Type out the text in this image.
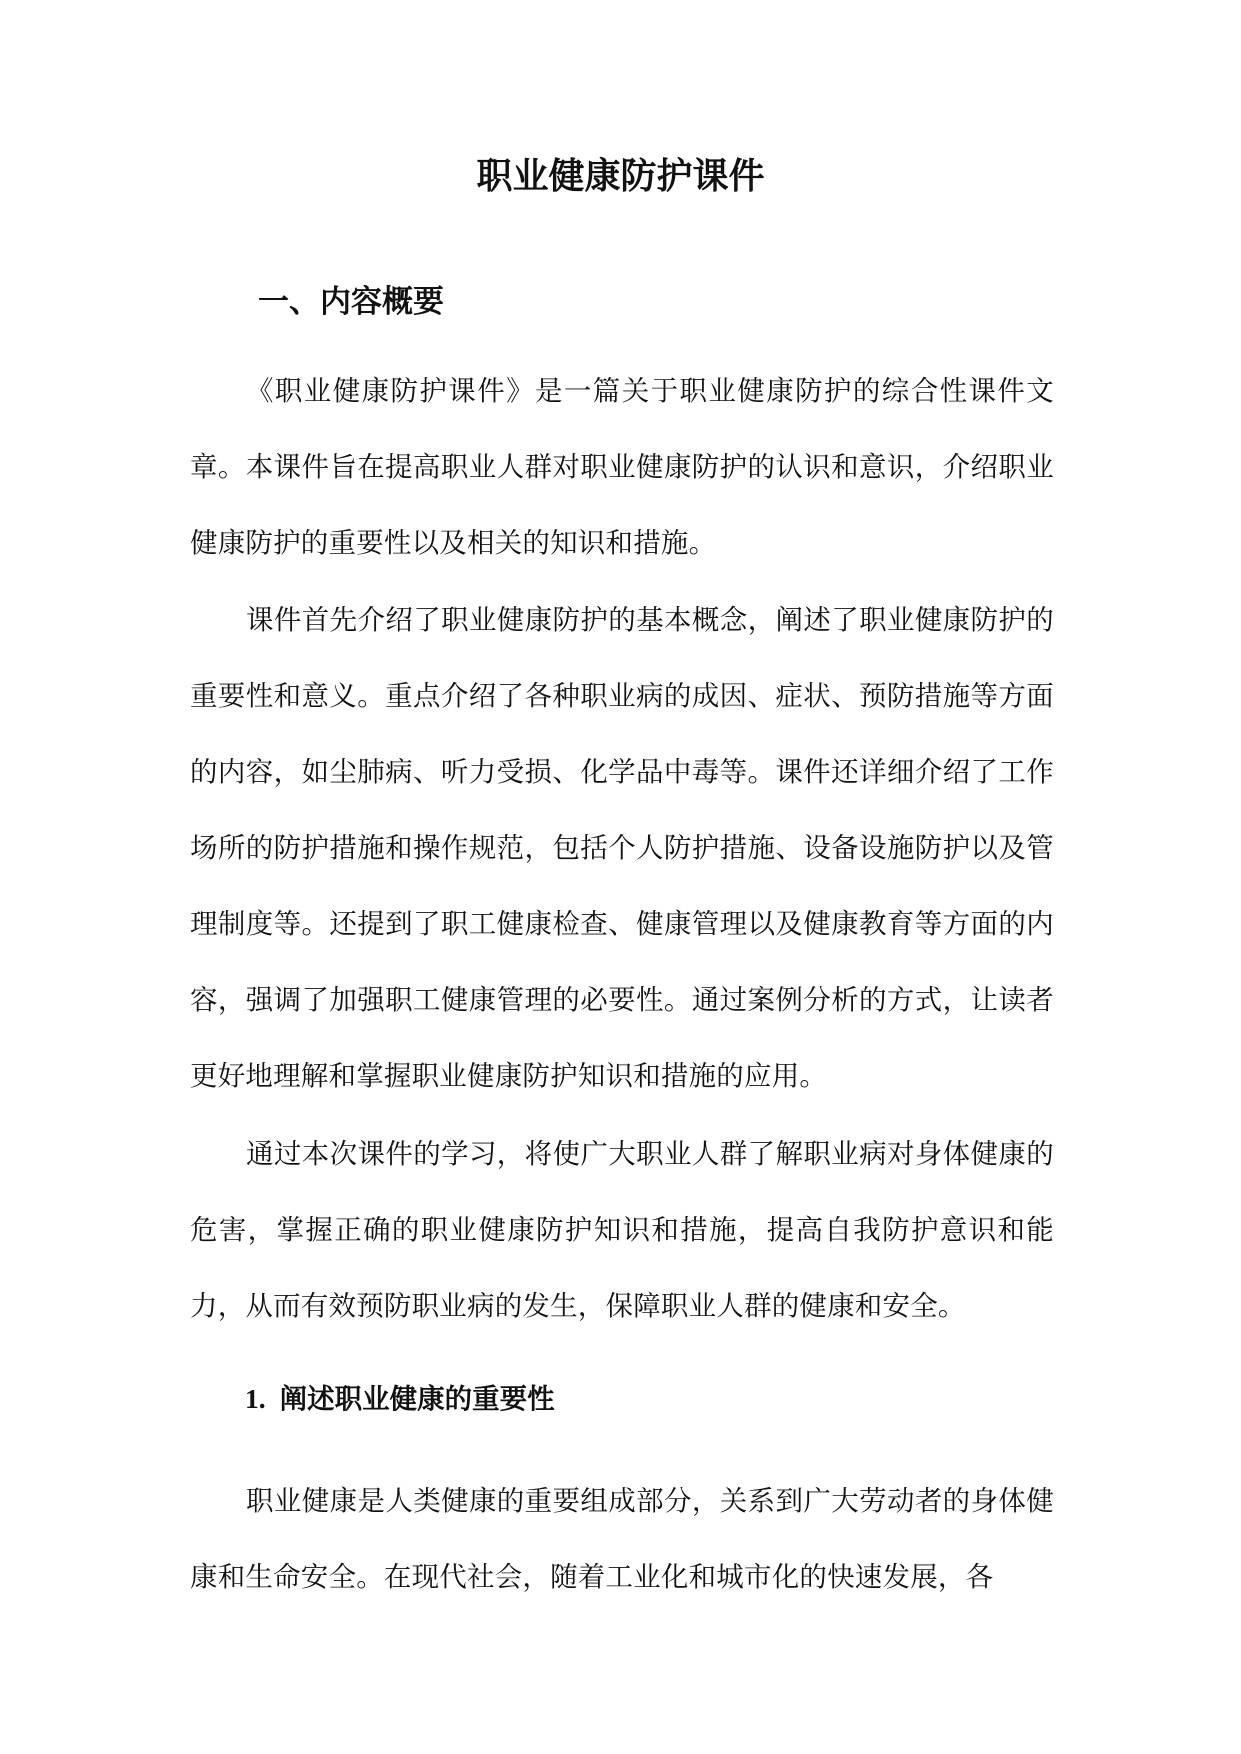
职业健康防护课件
一、内容概要

《职业健康防护课件》是一篇关于职业健康防护的综合性课件文章。本课件旨在提高职业人群对职业健康防护的认识和意识，介绍职业健康防护的重要性以及相关的知识和措施。

课件首先介绍了职业健康防护的基本概念，阐述了职业健康防护的重要性和意义。重点介绍了各种职业病的成因、症状、预防措施等方面的内容，如尘肺病、听力受损、化学品中毒等。课件还详细介绍了工作场所的防护措施和操作规范，包括个人防护措施、设备设施防护以及管理制度等。还提到了职工健康检查、健康管理以及健康教育等方面的内容，强调了加强职工健康管理的必要性。通过案例分析的方式，让读者更好地理解和掌握职业健康防护知识和措施的应用。

通过本次课件的学习，将使广大职业人群了解职业病对身体健康的危害，掌握正确的职业健康防护知识和措施，提高自我防护意识和能力，从而有效预防职业病的发生，保障职业人群的健康和安全。

1. 阐述职业健康的重要性

职业健康是人类健康的重要组成部分，关系到广大劳动者的身体健康和生命安全。在现代社会，随着工业化和城市化的快速发展，各
